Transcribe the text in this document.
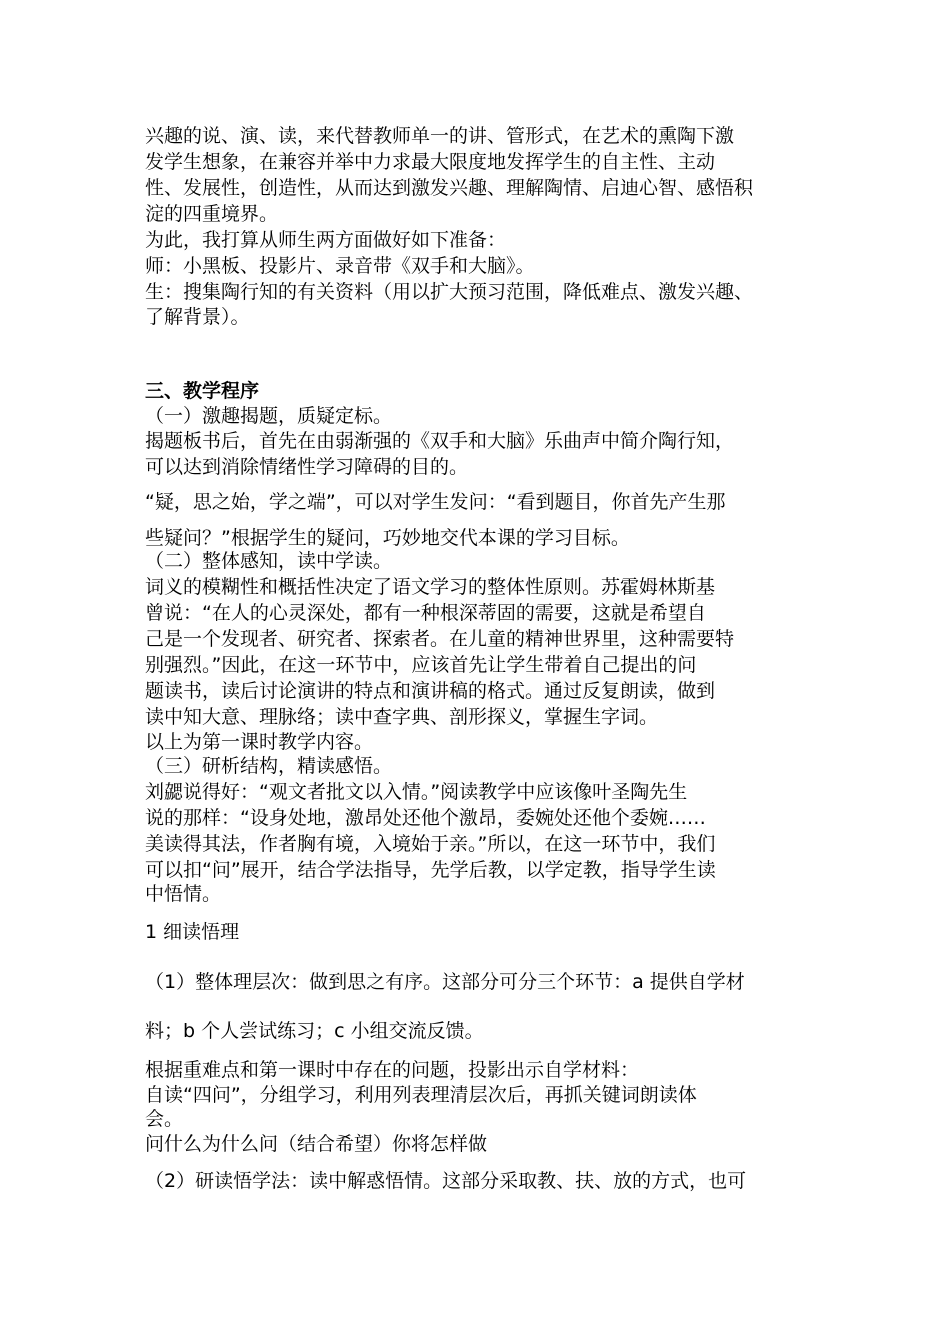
兴趣的说、演、读，来代替教师单一的讲、管形式，在艺术的熏陶下激
发学生想象，在兼容并举中力求最大限度地发挥学生的自主性、主动
性、发展性，创造性，从而达到激发兴趣、理解陶情、启迪心智、感悟积
淀的四重境界。
为此，我打算从师生两方面做好如下准备：
师：小黑板、投影片、录音带《双手和大脑》。
生：搜集陶行知的有关资料（用以扩大预习范围，降低难点、激发兴趣、
了解背景）。
三、教学程序
（一）激趣揭题，质疑定标。
揭题板书后，首先在由弱渐强的《双手和大脑》乐曲声中简介陶行知，
可以达到消除情绪性学习障碍的目的。
“疑，思之始，学之端”，可以对学生发问：“看到题目，你首先产生那
些疑问？”根据学生的疑问，巧妙地交代本课的学习目标。
（二）整体感知，读中学读。
词义的模糊性和概括性决定了语文学习的整体性原则。苏霍姆林斯基
曾说：“在人的心灵深处，都有一种根深蒂固的需要，这就是希望自
己是一个发现者、研究者、探索者。在儿童的精神世界里，这种需要特
别强烈。”因此，在这一环节中，应该首先让学生带着自己提出的问
题读书，读后讨论演讲的特点和演讲稿的格式。通过反复朗读，做到
读中知大意、理脉络；读中查字典、剖形探义，掌握生字词。
以上为第一课时教学内容。
（三）研析结构，精读感悟。
刘勰说得好：“观文者批文以入情。”阅读教学中应该像叶圣陶先生
说的那样：“设身处地，激昂处还他个激昂，委婉处还他个委婉……
美读得其法，作者胸有境，入境始于亲。”所以，在这一环节中，我们
可以扣“问”展开，结合学法指导，先学后教，以学定教，指导学生读
中悟情。
1 细读悟理
（1）整体理层次：做到思之有序。这部分可分三个环节：a 提供自学材
料；b 个人尝试练习；c 小组交流反馈。
根据重难点和第一课时中存在的问题，投影出示自学材料：
自读“四问”，分组学习，利用列表理清层次后，再抓关键词朗读体
会。
问什么为什么问（结合希望）你将怎样做
（2）研读悟学法：读中解惑悟情。这部分采取教、扶、放的方式，也可
